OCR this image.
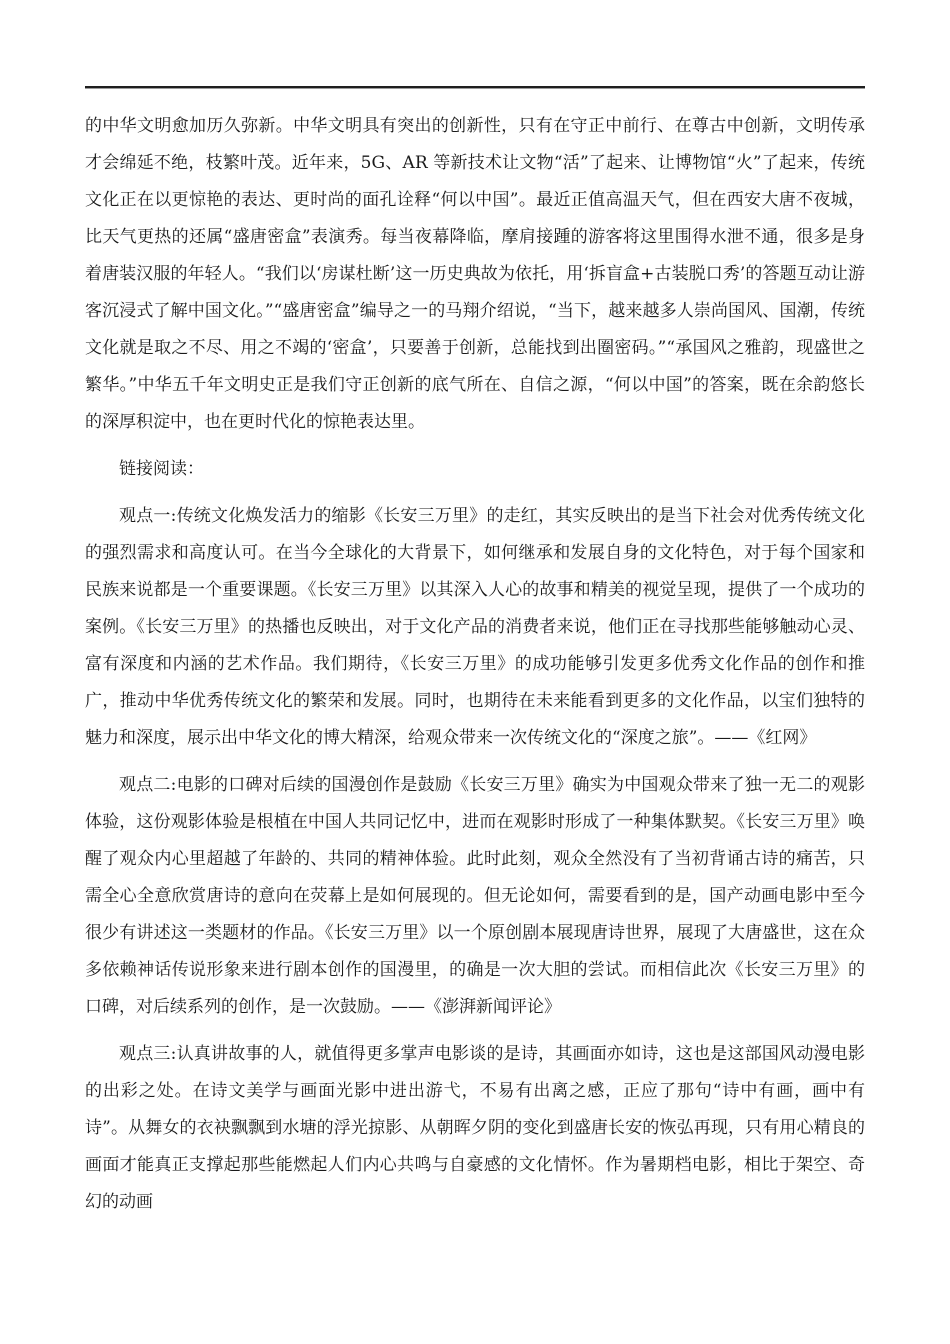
的中华文明愈加历久弥新。中华文明具有突出的创新性，只有在守正中前行、在尊古中创新，文明传承才会绵延不绝，枝繁叶茂。近年来，5G、AR 等新技术让文物“活”了起来、让博物馆“火”了起来，传统文化正在以更惊艳的表达、更时尚的面孔诠释“何以中国”。最近正值高温天气，但在西安大唐不夜城，比天气更热的还属“盛唐密盒”表演秀。每当夜幕降临，摩肩接踵的游客将这里围得水泄不通，很多是身着唐装汉服的年轻人。“我们以‘房谋杜断’这一历史典故为依托，用‘拆盲盒+古装脱口秀’的答题互动让游客沉浸式了解中国文化。”“盛唐密盒”编导之一的马翔介绍说，“当下，越来越多人崇尚国风、国潮，传统文化就是取之不尽、用之不竭的‘密盒’，只要善于创新，总能找到出圈密码。”“承国风之雅韵，现盛世之繁华。”中华五千年文明史正是我们守正创新的底气所在、自信之源，“何以中国”的答案，既在余韵悠长的深厚积淀中，也在更时代化的惊艳表达里。

链接阅读：

观点一:传统文化焕发活力的缩影《长安三万里》的走红，其实反映出的是当下社会对优秀传统文化的强烈需求和高度认可。在当今全球化的大背景下，如何继承和发展自身的文化特色，对于每个国家和民族来说都是一个重要课题。《长安三万里》以其深入人心的故事和精美的视觉呈现，提供了一个成功的案例。《长安三万里》的热播也反映出，对于文化产品的消费者来说，他们正在寻找那些能够触动心灵、富有深度和内涵的艺术作品。我们期待，《长安三万里》的成功能够引发更多优秀文化作品的创作和推广，推动中华优秀传统文化的繁荣和发展。同时，也期待在未来能看到更多的文化作品，以宝们独特的魅力和深度，展示出中华文化的博大精深，给观众带来一次传统文化的“深度之旅”。——《红网》

观点二:电影的口碑对后续的国漫创作是鼓励《长安三万里》确实为中国观众带来了独一无二的观影体验，这份观影体验是根植在中国人共同记忆中，进而在观影时形成了一种集体默契。《长安三万里》唤醒了观众内心里超越了年龄的、共同的精神体验。此时此刻，观众全然没有了当初背诵古诗的痛苦，只需全心全意欣赏唐诗的意向在荧幕上是如何展现的。但无论如何，需要看到的是，国产动画电影中至今很少有讲述这一类题材的作品。《长安三万里》以一个原创剧本展现唐诗世界，展现了大唐盛世，这在众多依赖神话传说形象来进行剧本创作的国漫里，的确是一次大胆的尝试。而相信此次《长安三万里》的口碑，对后续系列的创作，是一次鼓励。——《澎湃新闻评论》

观点三:认真讲故事的人，就值得更多掌声电影谈的是诗，其画面亦如诗，这也是这部国风动漫电影的出彩之处。在诗文美学与画面光影中进出游弋，不易有出离之感，正应了那句“诗中有画，画中有诗”。从舞女的衣袂飘飘到水塘的浮光掠影、从朝晖夕阴的变化到盛唐长安的恢弘再现，只有用心精良的画面才能真正支撑起那些能燃起人们内心共鸣与自豪感的文化情怀。作为暑期档电影，相比于架空、奇幻的动画
